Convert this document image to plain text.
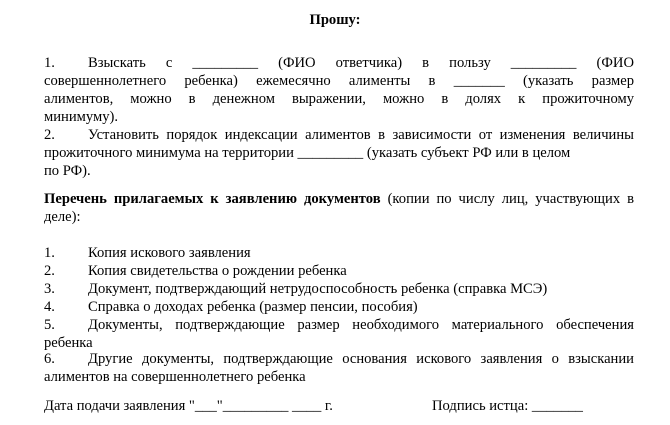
Прошу:
1.	Взыскать с _________ (ФИО ответчика) в пользу _________ (ФИО
совершеннолетнего ребенка) ежемесячно алименты в _______ (указать размер
алиментов, можно в денежном выражении, можно в долях к прожиточному
минимуму).
2.	Установить порядок индексации алиментов в зависимости от изменения величины
прожиточного минимума на территории _________ (указать субъект РФ или в целом
по РФ).
Перечень прилагаемых к заявлению документов (копии по числу лиц, участвующих в
деле):
1.	Копия искового заявления
2.	Копия свидетельства о рождении ребенка
3.	Документ, подтверждающий нетрудоспособность ребенка (справка МСЭ)
4.	Справка о доходах ребенка (размер пенсии, пособия)
5.	Документы, подтверждающие размер необходимого материального обеспечения
ребенка
6.	Другие документы, подтверждающие основания искового заявления о взыскании
алиментов на совершеннолетнего ребенка
Дата подачи заявления "___"_________ ____ г.	Подпись истца: _______
